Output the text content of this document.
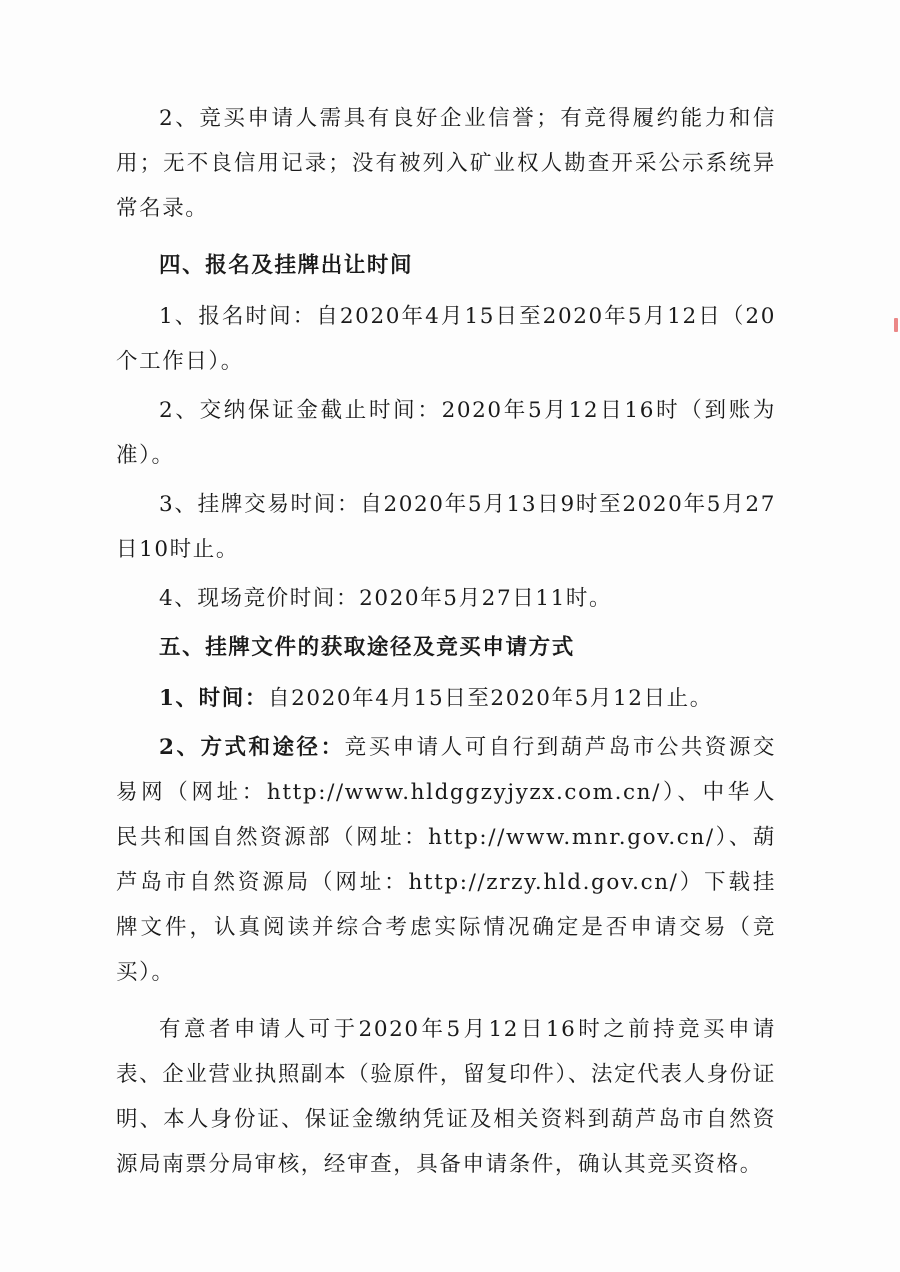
2、竞买申请人需具有良好企业信誉；有竞得履约能力和信用；无不良信用记录；没有被列入矿业权人勘查开采公示系统异常名录。

四、报名及挂牌出让时间

1、报名时间：自2020年4月15日至2020年5月12日（20个工作日）。

2、交纳保证金截止时间：2020年5月12日16时（到账为准）。

3、挂牌交易时间：自2020年5月13日9时至2020年5月27日10时止。

4、现场竞价时间：2020年5月27日11时。

五、挂牌文件的获取途径及竞买申请方式

1、时间：自2020年4月15日至2020年5月12日止。

2、方式和途径：竞买申请人可自行到葫芦岛市公共资源交易网（网址：http://www.hldggzyjyzx.com.cn/）、中华人民共和国自然资源部（网址：http://www.mnr.gov.cn/）、葫芦岛市自然资源局（网址：http://zrzy.hld.gov.cn/）下载挂牌文件，认真阅读并综合考虑实际情况确定是否申请交易（竞买）。

有意者申请人可于2020年5月12日16时之前持竞买申请表、企业营业执照副本（验原件，留复印件）、法定代表人身份证明、本人身份证、保证金缴纳凭证及相关资料到葫芦岛市自然资源局南票分局审核，经审查，具备申请条件，确认其竞买资格。
